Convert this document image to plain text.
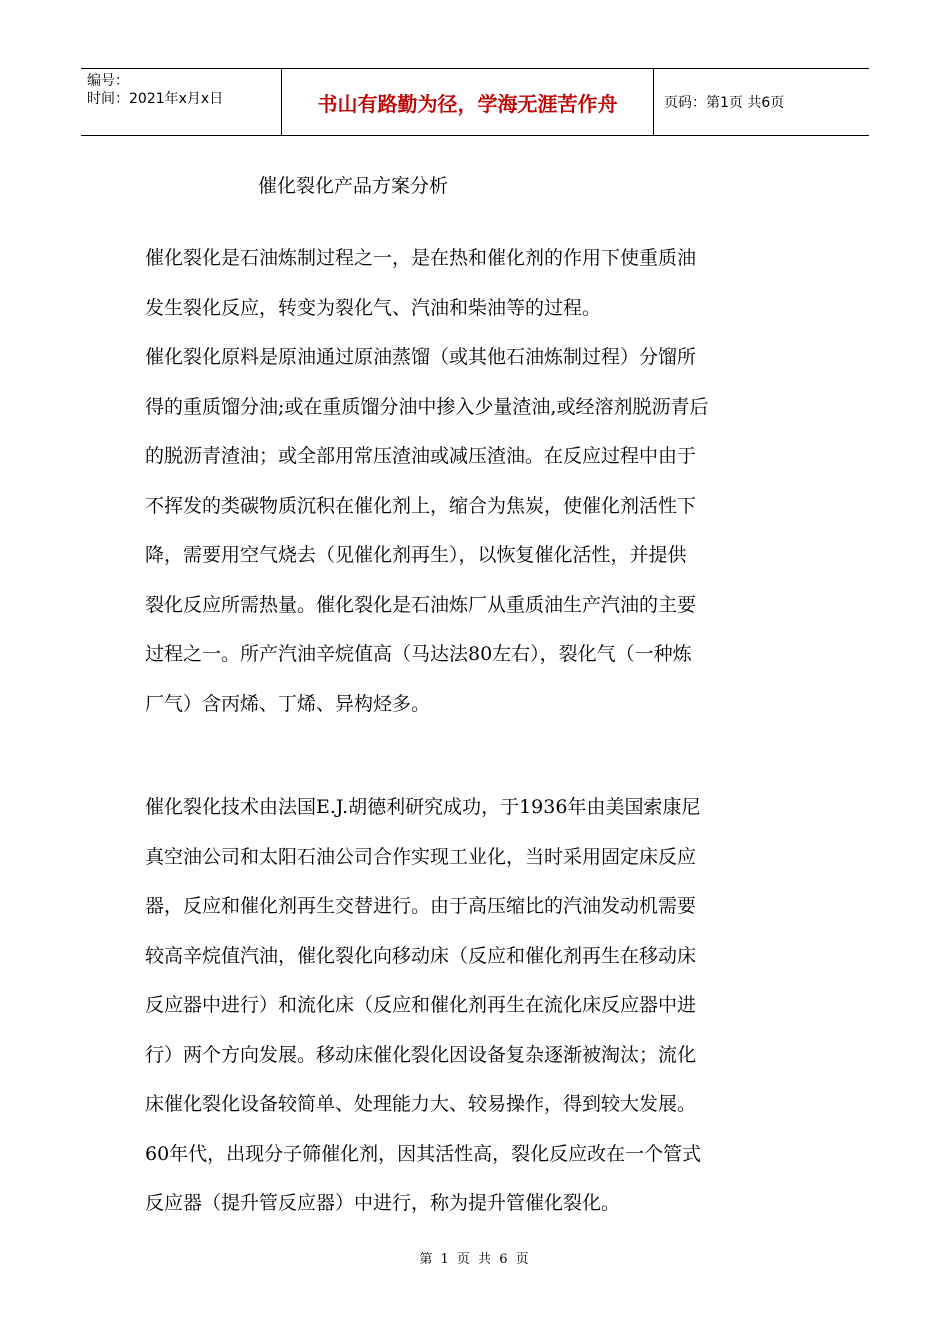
编号：
时间：2021年x月x日	书山有路勤为径，学海无涯苦作舟	页码：第1页 共6页
催化裂化产品方案分析

催化裂化是石油炼制过程之一，是在热和催化剂的作用下使重质油
发生裂化反应，转变为裂化气、汽油和柴油等的过程。

催化裂化原料是原油通过原油蒸馏（或其他石油炼制过程）分馏所
得的重质馏分油;或在重质馏分油中掺入少量渣油,或经溶剂脱沥青后
的脱沥青渣油；或全部用常压渣油或减压渣油。在反应过程中由于
不挥发的类碳物质沉积在催化剂上，缩合为焦炭，使催化剂活性下
降，需要用空气烧去（见催化剂再生），以恢复催化活性，并提供
裂化反应所需热量。催化裂化是石油炼厂从重质油生产汽油的主要
过程之一。所产汽油辛烷值高（马达法80左右），裂化气（一种炼
厂气）含丙烯、丁烯、异构烃多。

催化裂化技术由法国E.J.胡德利研究成功，于1936年由美国索康尼
真空油公司和太阳石油公司合作实现工业化，当时采用固定床反应
器，反应和催化剂再生交替进行。由于高压缩比的汽油发动机需要
较高辛烷值汽油，催化裂化向移动床（反应和催化剂再生在移动床
反应器中进行）和流化床（反应和催化剂再生在流化床反应器中进
行）两个方向发展。移动床催化裂化因设备复杂逐渐被淘汰；流化
床催化裂化设备较简单、处理能力大、较易操作，得到较大发展。
60年代，出现分子筛催化剂，因其活性高，裂化反应改在一个管式
反应器（提升管反应器）中进行，称为提升管催化裂化。

第 1 页 共 6 页
